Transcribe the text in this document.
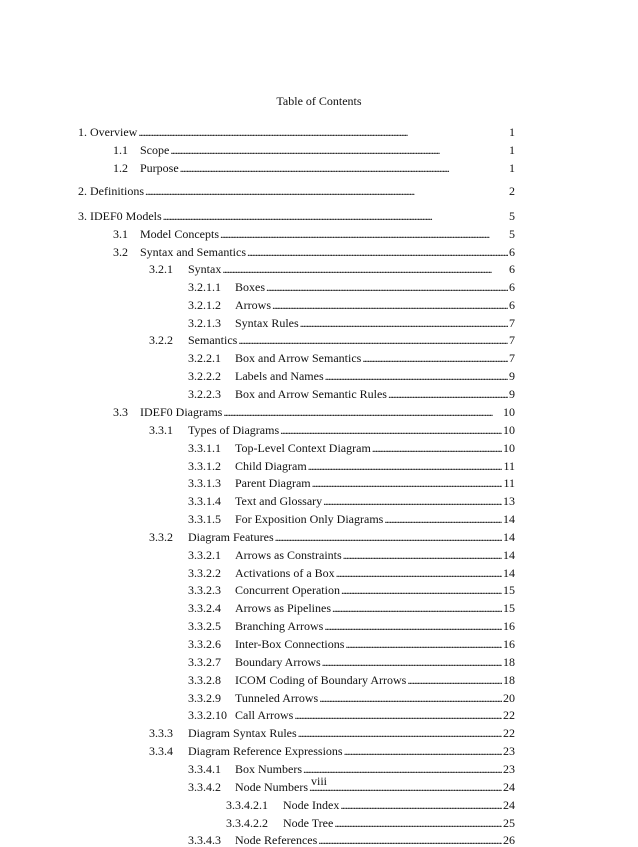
Table of Contents
1. Overview . . .	1
1.1	Scope . . .	1
1.2	Purpose . . .	1
2. Definitions . . .	2
3. IDEF0 Models . . .	5
3.1	Model Concepts . . .	5
3.2	Syntax and Semantics . . .	6
3.2.1	Syntax . . .	6
3.2.1.1	Boxes . . .	6
3.2.1.2	Arrows . . .	6
3.2.1.3	Syntax Rules . . .	7
3.2.2	Semantics . . .	7
3.2.2.1	Box and Arrow Semantics . . .	7
3.2.2.2	Labels and Names . . .	9
3.2.2.3	Box and Arrow Semantic Rules . . .	9
3.3	IDEF0 Diagrams . . .	10
3.3.1	Types of Diagrams . . .	10
3.3.1.1	Top-Level Context Diagram . . .	10
3.3.1.2	Child Diagram . . .	11
3.3.1.3	Parent Diagram . . .	11
3.3.1.4	Text and Glossary . . .	13
3.3.1.5	For Exposition Only Diagrams . . .	14
3.3.2	Diagram Features . . .	14
3.3.2.1	Arrows as Constraints . . .	14
3.3.2.2	Activations of a Box . . .	14
3.3.2.3	Concurrent Operation . . .	15
3.3.2.4	Arrows as Pipelines . . .	15
3.3.2.5	Branching Arrows . . .	16
3.3.2.6	Inter-Box Connections . . .	16
3.3.2.7	Boundary Arrows . . .	18
3.3.2.8	ICOM Coding of Boundary Arrows . . .	18
3.3.2.9	Tunneled Arrows . . .	20
3.3.2.10 Call Arrows . . .	22
3.3.3	Diagram Syntax Rules . . .	22
3.3.4	Diagram Reference Expressions . . .	23
3.3.4.1	Box Numbers . . .	23
3.3.4.2	Node Numbers . . .	24
3.3.4.2.1	Node Index . . .	24
3.3.4.2.2	Node Tree . . .	25
3.3.4.3	Node References . . .	26
viii
